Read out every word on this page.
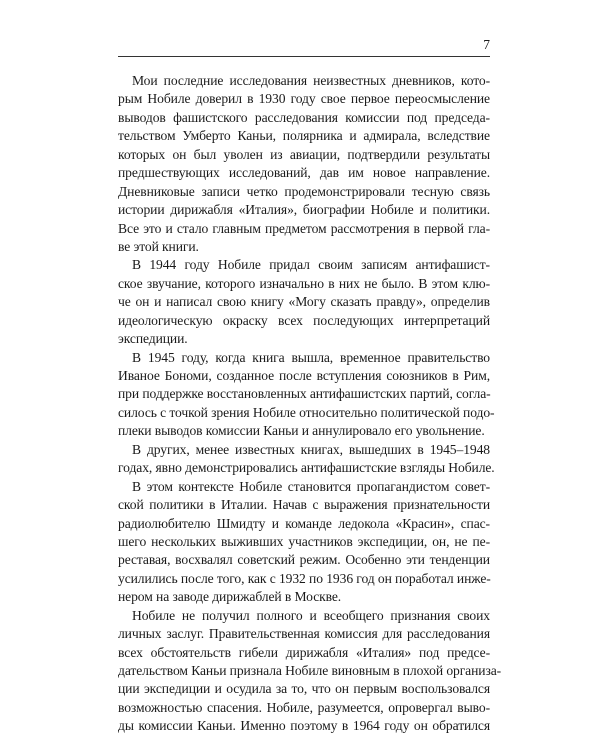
7
Мои последние исследования неизвестных дневников, кото-
рым Нобиле доверил в 1930 году свое первое переосмысление
выводов фашистского расследования комиссии под председа-
тельством Умберто Каньи, полярника и адмирала, вследствие
которых он был уволен из авиации, подтвердили результаты
предшествующих исследований, дав им новое направление.
Дневниковые записи четко продемонстрировали тесную связь
истории дирижабля «Италия», биографии Нобиле и политики.
Все это и стало главным предметом рассмотрения в первой гла-
ве этой книги.
В 1944 году Нобиле придал своим записям антифашист-
ское звучание, которого изначально в них не было. В этом клю-
че он и написал свою книгу «Могу сказать правду», определив
идеологическую окраску всех последующих интерпретаций
экспедиции.
В 1945 году, когда книга вышла, временное правительство
Иваное Бономи, созданное после вступления союзников в Рим,
при поддержке восстановленных антифашистских партий, согла-
силось с точкой зрения Нобиле относительно политической подо-
плеки выводов комиссии Каньи и аннулировало его увольнение.
В других, менее известных книгах, вышедших в 1945–1948
годах, явно демонстрировались антифашистские взгляды Нобиле.
В этом контексте Нобиле становится пропагандистом совет-
ской политики в Италии. Начав с выражения признательности
радиолюбителю Шмидту и команде ледокола «Красин», спас-
шего нескольких выживших участников экспедиции, он, не пе-
реставая, восхвалял советский режим. Особенно эти тенденции
усилились после того, как с 1932 по 1936 год он поработал инже-
нером на заводе дирижаблей в Москве.
Нобиле не получил полного и всеобщего признания своих
личных заслуг. Правительственная комиссия для расследования
всех обстоятельств гибели дирижабля «Италия» под предсе-
дательством Каньи признала Нобиле виновным в плохой организа-
ции экспедиции и осудила за то, что он первым воспользовался
возможностью спасения. Нобиле, разумеется, опровергал выво-
ды комиссии Каньи. Именно поэтому в 1964 году он обратился
